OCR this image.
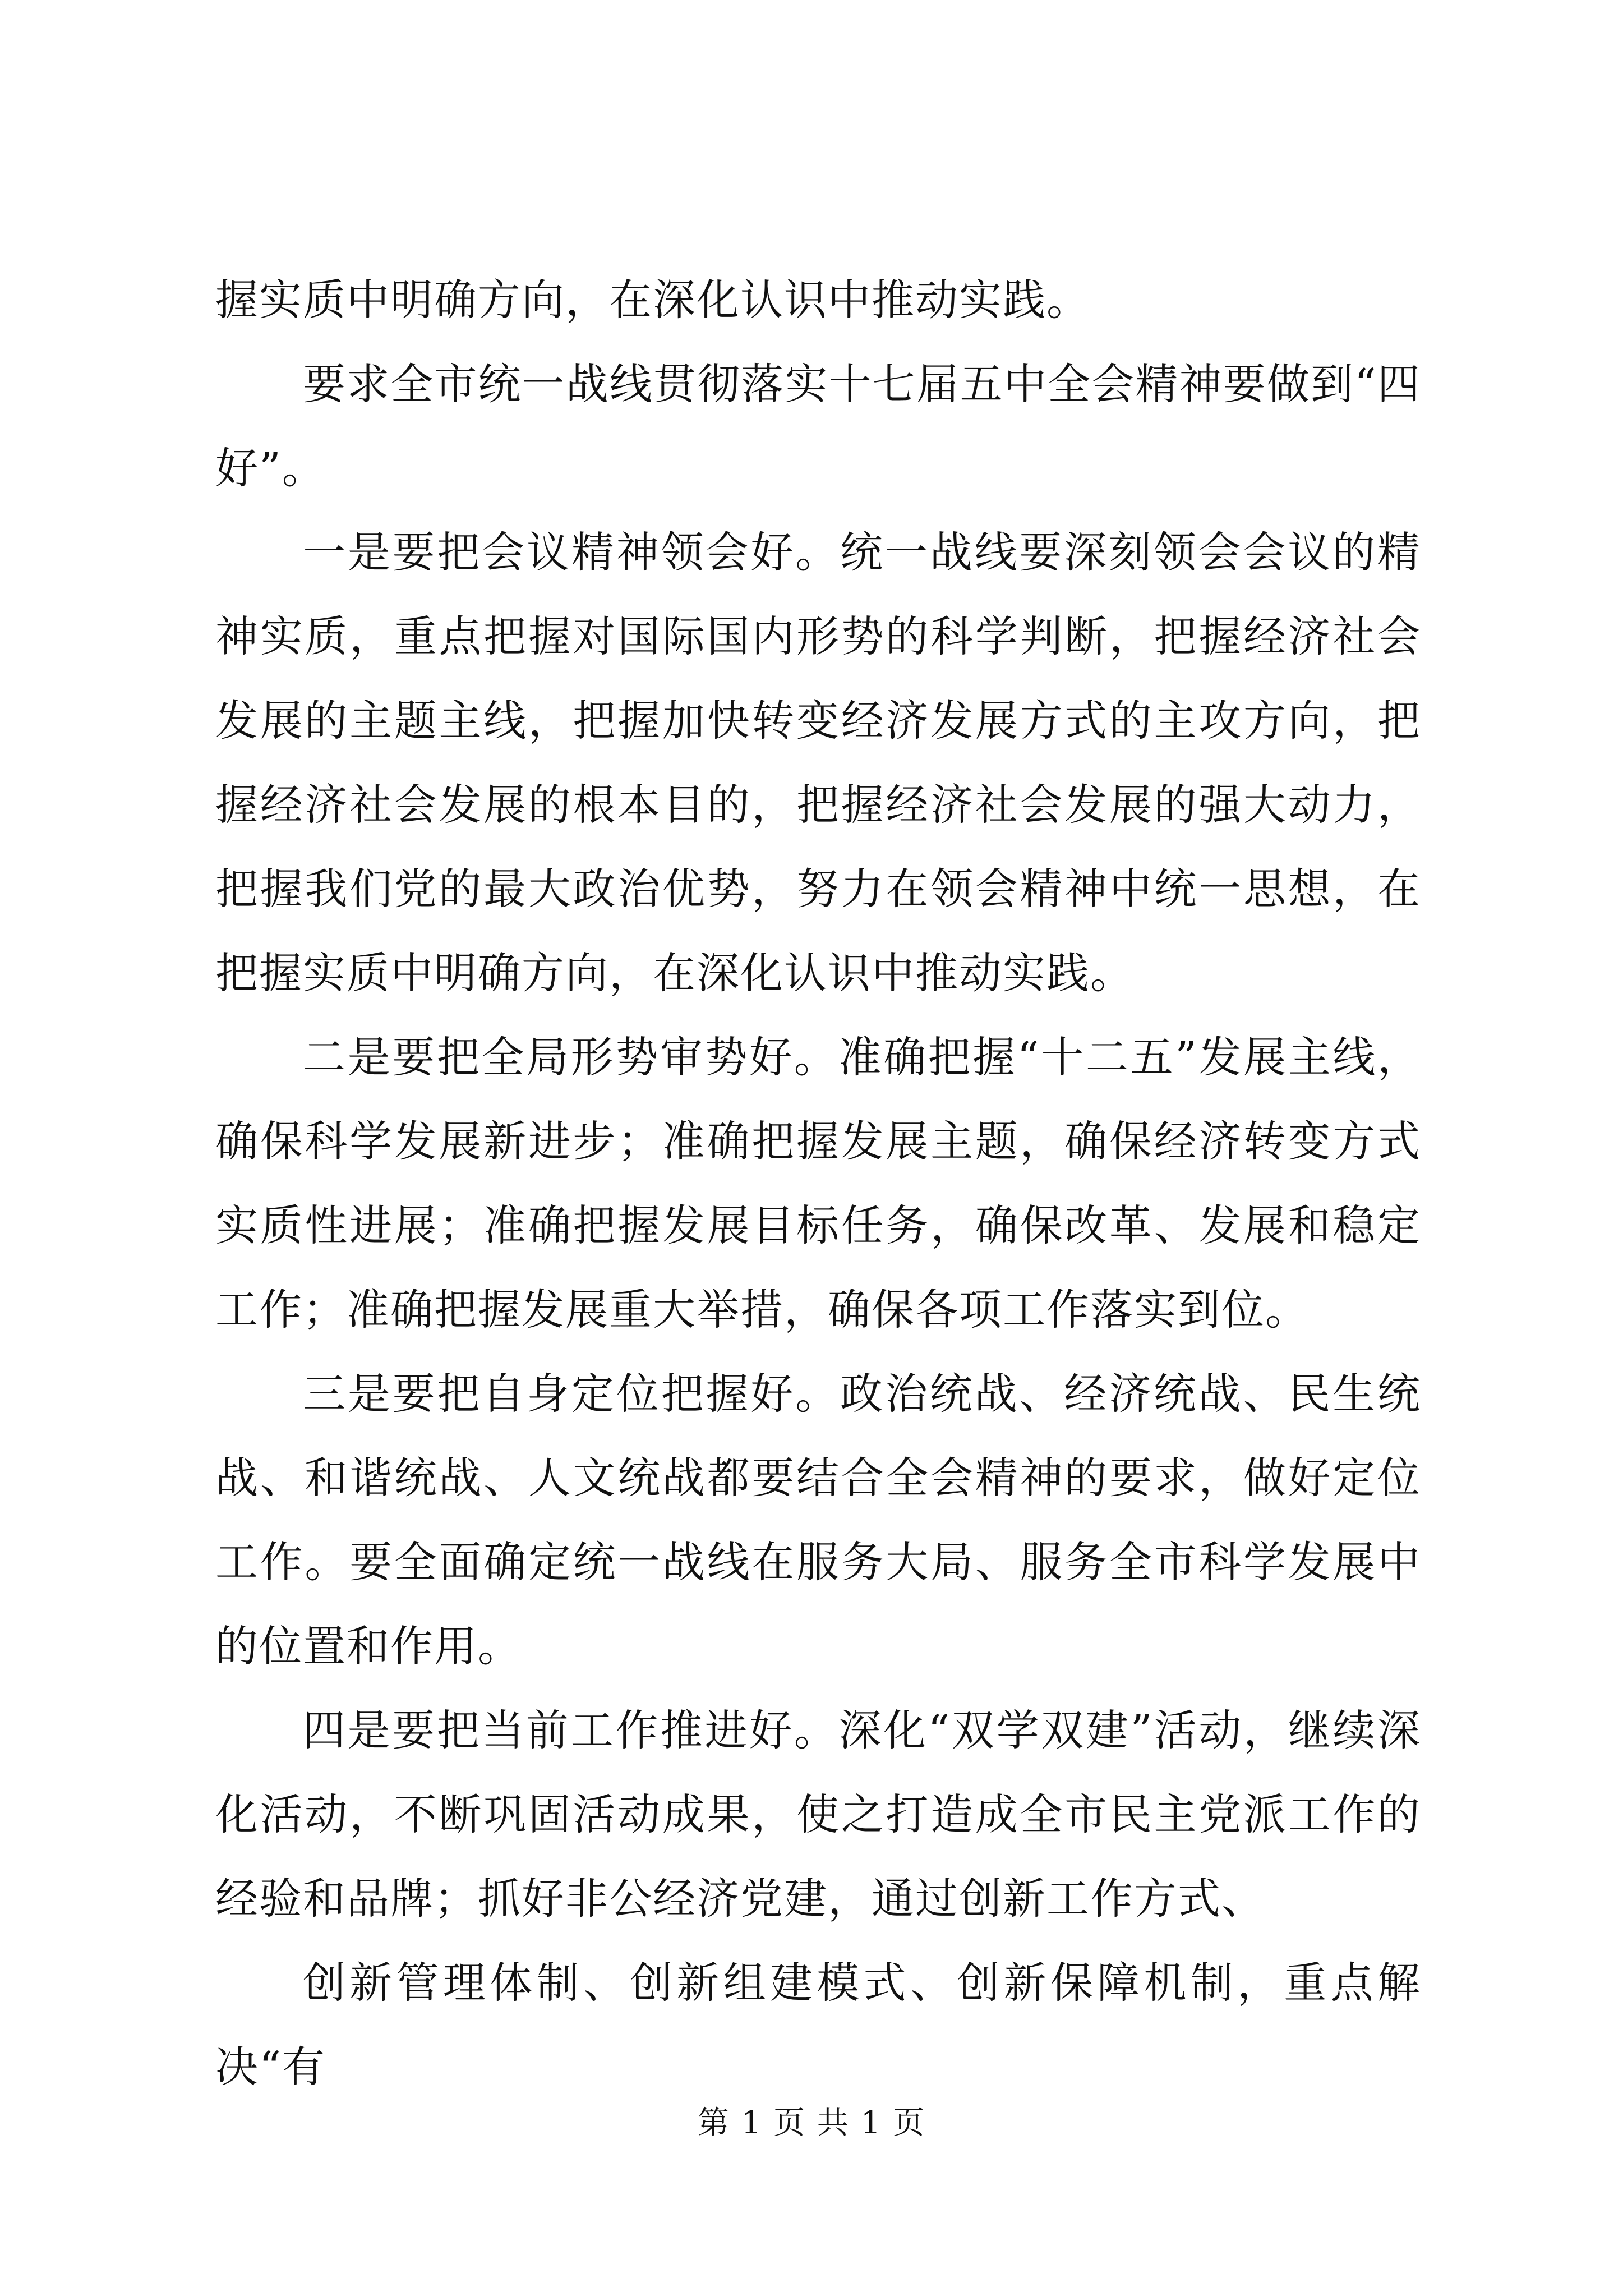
握实质中明确方向，在深化认识中推动实践。

要求全市统一战线贯彻落实十七届五中全会精神要做到“四好”。

一是要把会议精神领会好。统一战线要深刻领会会议的精神实质，重点把握对国际国内形势的科学判断，把握经济社会发展的主题主线，把握加快转变经济发展方式的主攻方向，把握经济社会发展的根本目的，把握经济社会发展的强大动力，把握我们党的最大政治优势，努力在领会精神中统一思想，在把握实质中明确方向，在深化认识中推动实践。

二是要把全局形势审势好。准确把握“十二五”发展主线，确保科学发展新进步；准确把握发展主题，确保经济转变方式实质性进展；准确把握发展目标任务，确保改革、发展和稳定工作；准确把握发展重大举措，确保各项工作落实到位。

三是要把自身定位把握好。政治统战、经济统战、民生统战、和谐统战、人文统战都要结合全会精神的要求，做好定位工作。要全面确定统一战线在服务大局、服务全市科学发展中的位置和作用。

四是要把当前工作推进好。深化“双学双建”活动，继续深化活动，不断巩固活动成果，使之打造成全市民主党派工作的经验和品牌；抓好非公经济党建，通过创新工作方式、

创新管理体制、创新组建模式、创新保障机制，重点解决“有

第 1 页 共 1 页
